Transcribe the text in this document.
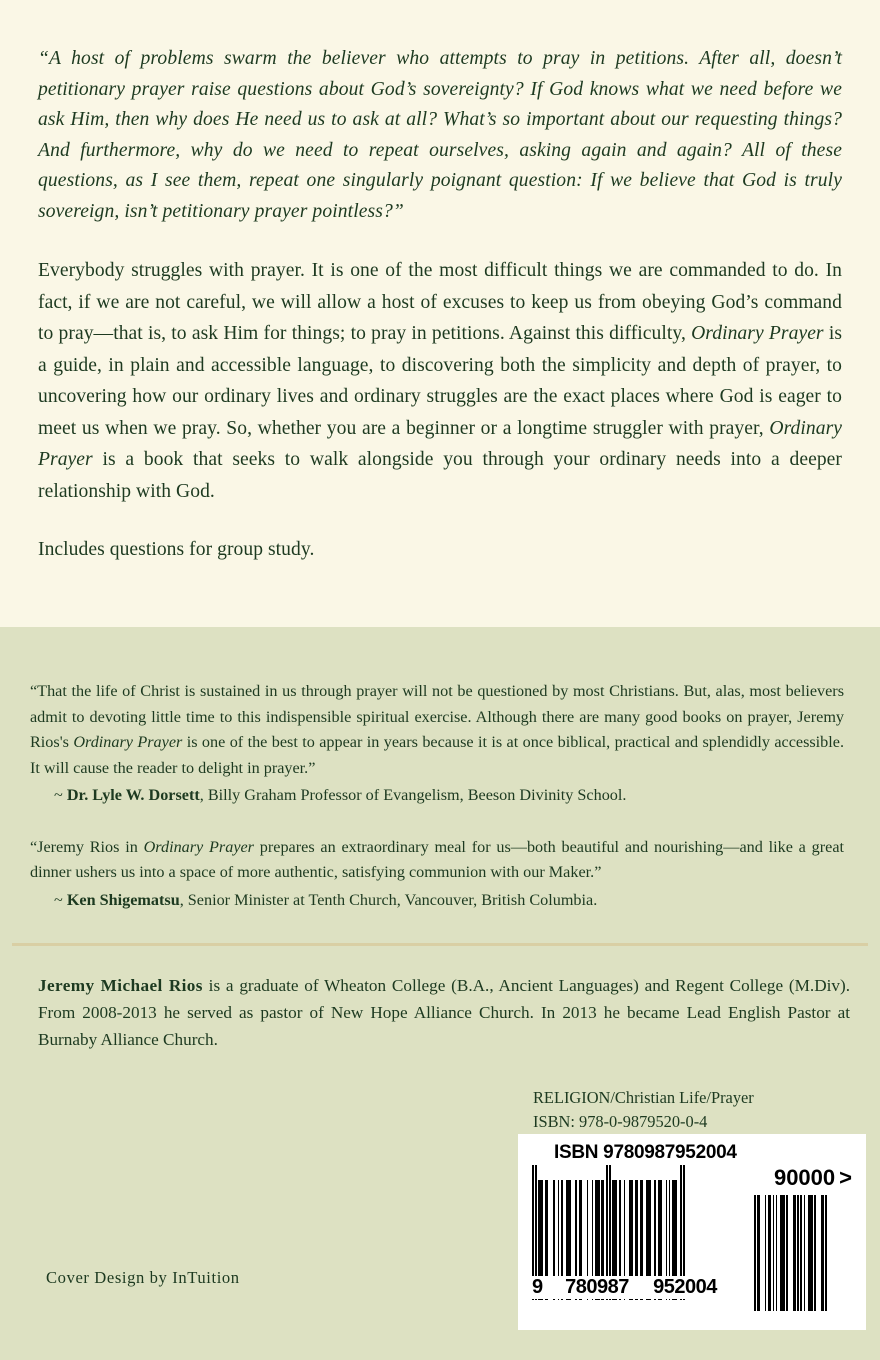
“A host of problems swarm the believer who attempts to pray in petitions. After all, doesn’t petitionary prayer raise questions about God’s sovereignty? If God knows what we need before we ask Him, then why does He need us to ask at all? What’s so important about our requesting things? And furthermore, why do we need to repeat ourselves, asking again and again? All of these questions, as I see them, repeat one singularly poignant question: If we believe that God is truly sovereign, isn’t petitionary prayer pointless?”

Everybody struggles with prayer. It is one of the most difficult things we are commanded to do. In fact, if we are not careful, we will allow a host of excuses to keep us from obeying God’s command to pray—that is, to ask Him for things; to pray in petitions. Against this difficulty, Ordinary Prayer is a guide, in plain and accessible language, to discovering both the simplicity and depth of prayer, to uncovering how our ordinary lives and ordinary struggles are the exact places where God is eager to meet us when we pray. So, whether you are a beginner or a longtime struggler with prayer, Ordinary Prayer is a book that seeks to walk alongside you through your ordinary needs into a deeper relationship with God.

Includes questions for group study.

“That the life of Christ is sustained in us through prayer will not be questioned by most Christians. But, alas, most believers admit to devoting little time to this indispensible spiritual exercise. Although there are many good books on prayer, Jeremy Rios's Ordinary Prayer is one of the best to appear in years because it is at once biblical, practical and splendidly accessible. It will cause the reader to delight in prayer.”

~ Dr. Lyle W. Dorsett, Billy Graham Professor of Evangelism, Beeson Divinity School.

“Jeremy Rios in Ordinary Prayer prepares an extraordinary meal for us—both beautiful and nourishing—and like a great dinner ushers us into a space of more authentic, satisfying communion with our Maker.”

~ Ken Shigematsu, Senior Minister at Tenth Church, Vancouver, British Columbia.

Jeremy Michael Rios is a graduate of Wheaton College (B.A., Ancient Languages) and Regent College (M.Div). From 2008-2013 he served as pastor of New Hope Alliance Church. In 2013 he became Lead English Pastor at Burnaby Alliance Church.

RELIGION/Christian Life/Prayer
ISBN: 978-0-9879520-0-4
ISBN 9780987952004
9	780987	952004
90000 >
Cover Design by InTuition
